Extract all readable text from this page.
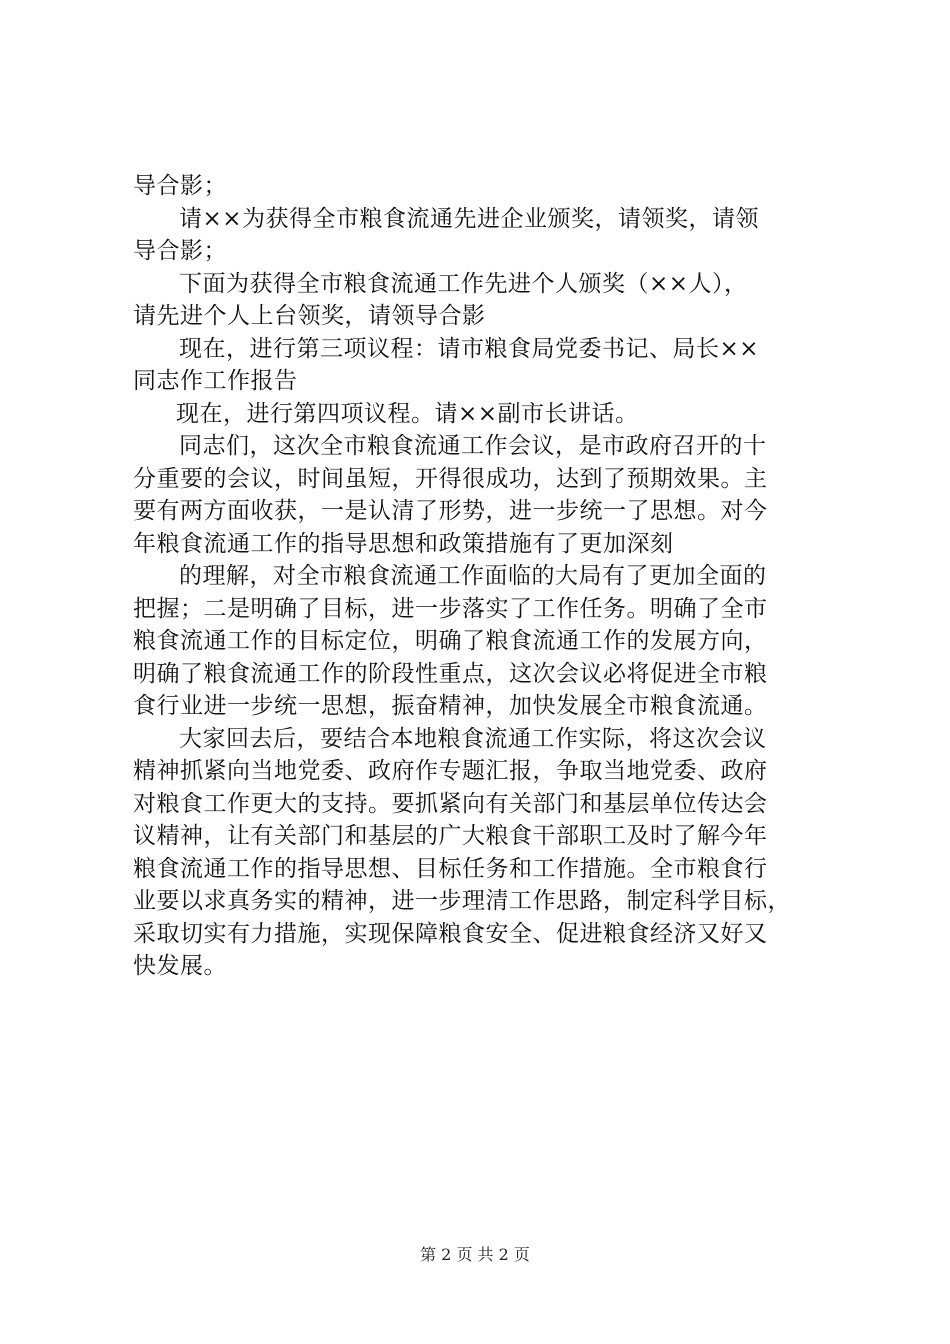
导合影；
请××为获得全市粮食流通先进企业颁奖，请领奖，请领
导合影；
下面为获得全市粮食流通工作先进个人颁奖（××人），
请先进个人上台领奖，请领导合影
现在，进行第三项议程：请市粮食局党委书记、局长××
同志作工作报告
现在，进行第四项议程。请××副市长讲话。
同志们，这次全市粮食流通工作会议，是市政府召开的十
分重要的会议，时间虽短，开得很成功，达到了预期效果。主
要有两方面收获，一是认清了形势，进一步统一了思想。对今
年粮食流通工作的指导思想和政策措施有了更加深刻
的理解，对全市粮食流通工作面临的大局有了更加全面的
把握；二是明确了目标，进一步落实了工作任务。明确了全市
粮食流通工作的目标定位，明确了粮食流通工作的发展方向，
明确了粮食流通工作的阶段性重点，这次会议必将促进全市粮
食行业进一步统一思想，振奋精神，加快发展全市粮食流通。
大家回去后，要结合本地粮食流通工作实际，将这次会议
精神抓紧向当地党委、政府作专题汇报，争取当地党委、政府
对粮食工作更大的支持。要抓紧向有关部门和基层单位传达会
议精神，让有关部门和基层的广大粮食干部职工及时了解今年
粮食流通工作的指导思想、目标任务和工作措施。全市粮食行
业要以求真务实的精神，进一步理清工作思路，制定科学目标，
采取切实有力措施，实现保障粮食安全、促进粮食经济又好又
快发展。
第 2 页 共 2 页
